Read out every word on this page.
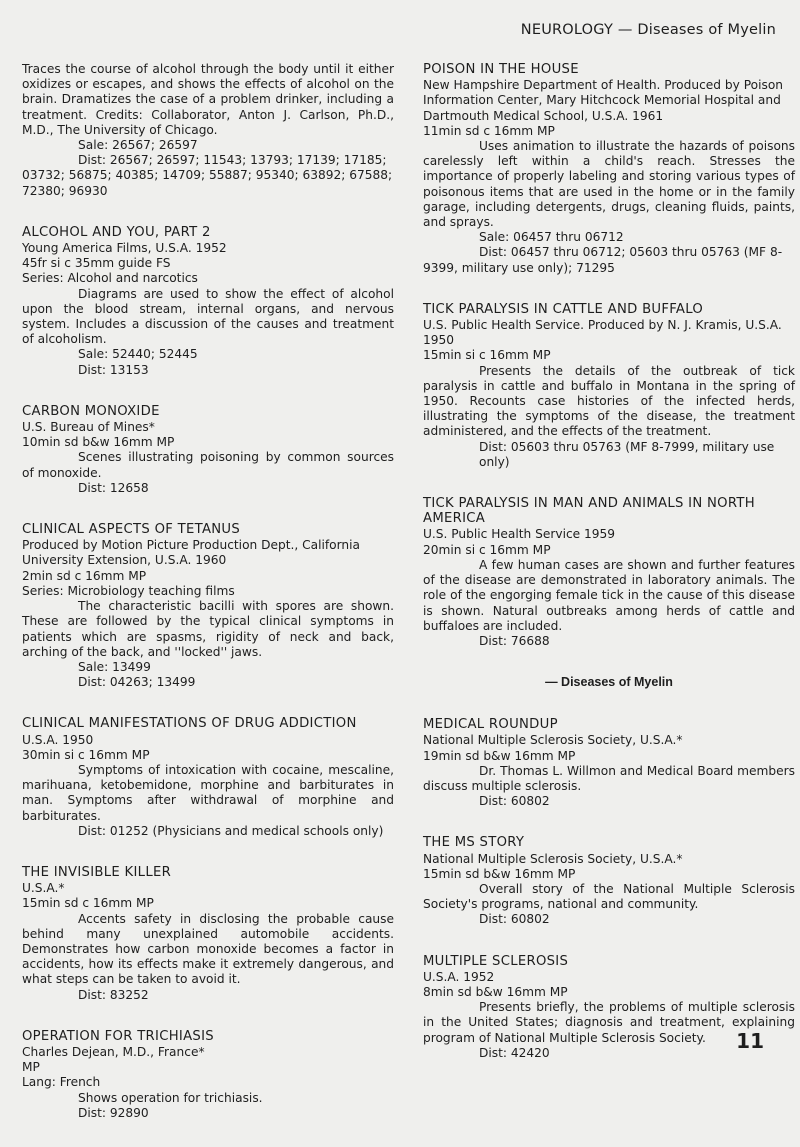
NEUROLOGY — Diseases of Myelin
Traces the course of alcohol through the body until it either oxidizes or escapes, and shows the effects of alcohol on the brain. Dramatizes the case of a problem drinker, including a treatment. Credits: Collaborator, Anton J. Carlson, Ph.D., M.D., The University of Chicago.
Sale: 26567; 26597
Dist: 26567; 26597; 11543; 13793; 17139; 17185; 03732; 56875; 40385; 14709; 55887; 95340; 63892; 67588; 72380; 96930
ALCOHOL AND YOU, PART 2
Young America Films, U.S.A. 1952
45fr si c 35mm guide FS
Series: Alcohol and narcotics
Diagrams are used to show the effect of alcohol upon the blood stream, internal organs, and nervous system. Includes a discussion of the causes and treatment of alcoholism.
Sale: 52440; 52445
Dist: 13153
CARBON MONOXIDE
U.S. Bureau of Mines*
10min sd b&w 16mm MP
Scenes illustrating poisoning by common sources of monoxide.
Dist: 12658
CLINICAL ASPECTS OF TETANUS
Produced by Motion Picture Production Dept., California University Extension, U.S.A. 1960
2min sd c 16mm MP
Series: Microbiology teaching films
The characteristic bacilli with spores are shown. These are followed by the typical clinical symptoms in patients which are spasms, rigidity of neck and back, arching of the back, and ''locked'' jaws.
Sale: 13499
Dist: 04263; 13499
CLINICAL MANIFESTATIONS OF DRUG ADDICTION
U.S.A. 1950
30min si c 16mm MP
Symptoms of intoxication with cocaine, mescaline, marihuana, ketobemidone, morphine and barbiturates in man. Symptoms after withdrawal of morphine and barbiturates.
Dist: 01252 (Physicians and medical schools only)
THE INVISIBLE KILLER
U.S.A.*
15min sd c 16mm MP
Accents safety in disclosing the probable cause behind many unexplained automobile accidents. Demonstrates how carbon monoxide becomes a factor in accidents, how its effects make it extremely dangerous, and what steps can be taken to avoid it.
Dist: 83252
OPERATION FOR TRICHIASIS
Charles Dejean, M.D., France*
MP
Lang: French
Shows operation for trichiasis.
Dist: 92890
POISON IN THE HOUSE
New Hampshire Department of Health. Produced by Poison Information Center, Mary Hitchcock Memorial Hospital and Dartmouth Medical School, U.S.A. 1961
11min sd c 16mm MP
Uses animation to illustrate the hazards of poisons carelessly left within a child's reach. Stresses the importance of properly labeling and storing various types of poisonous items that are used in the home or in the family garage, including detergents, drugs, cleaning fluids, paints, and sprays.
Sale: 06457 thru 06712
Dist: 06457 thru 06712; 05603 thru 05763 (MF 8-9399, military use only); 71295
TICK PARALYSIS IN CATTLE AND BUFFALO
U.S. Public Health Service. Produced by N. J. Kramis, U.S.A. 1950
15min si c 16mm MP
Presents the details of the outbreak of tick paralysis in cattle and buffalo in Montana in the spring of 1950. Recounts case histories of the infected herds, illustrating the symptoms of the disease, the treatment administered, and the effects of the treatment.
Dist: 05603 thru 05763 (MF 8-7999, military use only)
TICK PARALYSIS IN MAN AND ANIMALS IN NORTH AMERICA
U.S. Public Health Service 1959
20min si c 16mm MP
A few human cases are shown and further features of the disease are demonstrated in laboratory animals. The role of the engorging female tick in the cause of this disease is shown. Natural outbreaks among herds of cattle and buffaloes are included.
Dist: 76688
— Diseases of Myelin
MEDICAL ROUNDUP
National Multiple Sclerosis Society, U.S.A.*
19min sd b&w 16mm MP
Dr. Thomas L. Willmon and Medical Board members discuss multiple sclerosis.
Dist: 60802
THE MS STORY
National Multiple Sclerosis Society, U.S.A.*
15min sd b&w 16mm MP
Overall story of the National Multiple Sclerosis Society's programs, national and community.
Dist: 60802
MULTIPLE SCLEROSIS
U.S.A. 1952
8min sd b&w 16mm MP
Presents briefly, the problems of multiple sclerosis in the United States; diagnosis and treatment, explaining program of National Multiple Sclerosis Society.
Dist: 42420	11
